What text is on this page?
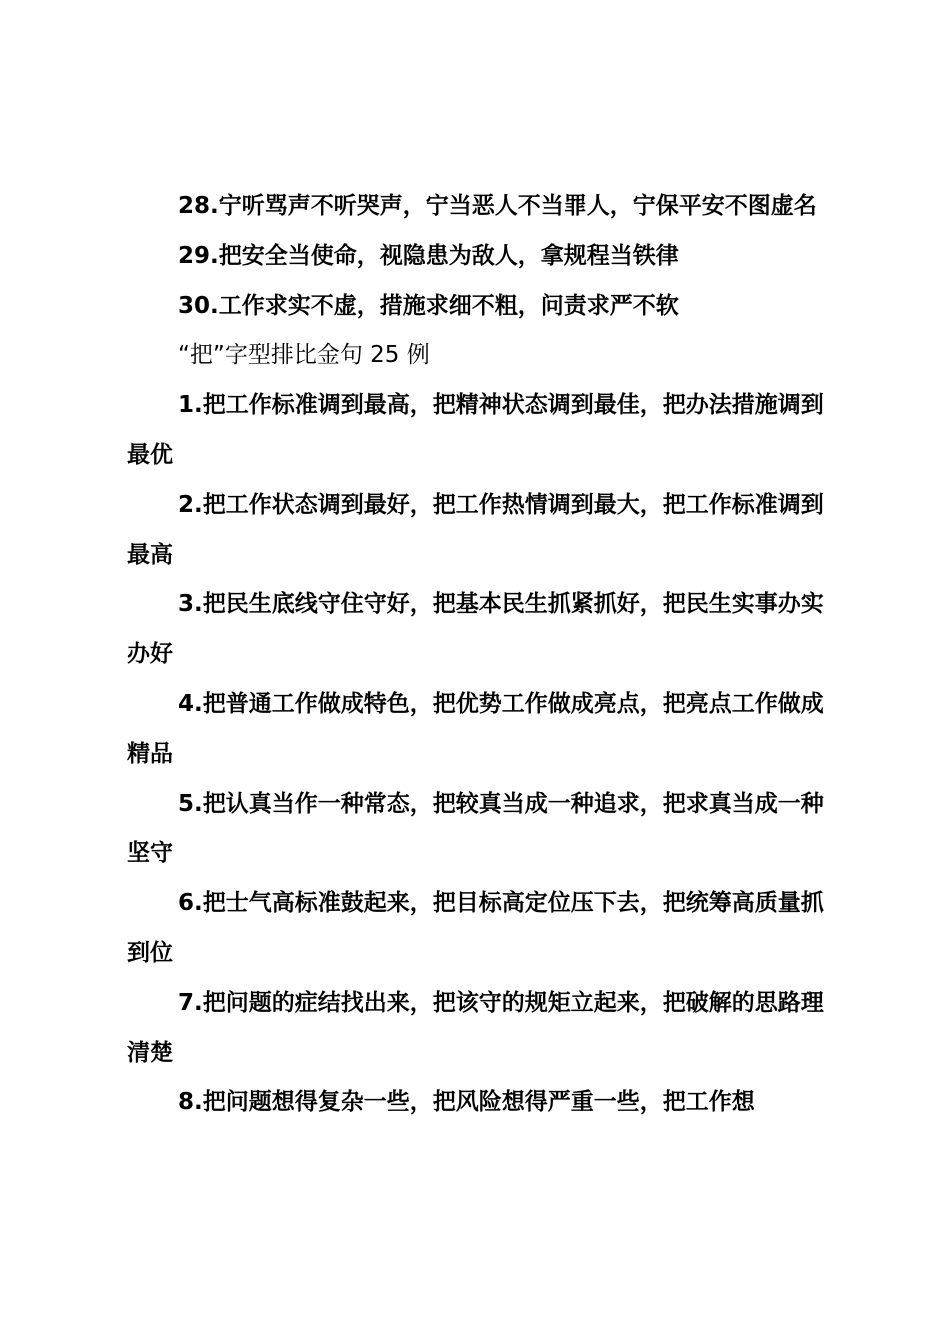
28.宁听骂声不听哭声，宁当恶人不当罪人，宁保平安不图虚名

29.把安全当使命，视隐患为敌人，拿规程当铁律

30.工作求实不虚，措施求细不粗，问责求严不软

“把”字型排比金句 25 例

1.把工作标准调到最高，把精神状态调到最佳，把办法措施调到最优

2.把工作状态调到最好，把工作热情调到最大，把工作标准调到最高

3.把民生底线守住守好，把基本民生抓紧抓好，把民生实事办实办好

4.把普通工作做成特色，把优势工作做成亮点，把亮点工作做成精品

5.把认真当作一种常态，把较真当成一种追求，把求真当成一种坚守

6.把士气高标准鼓起来，把目标高定位压下去，把统筹高质量抓到位

7.把问题的症结找出来，把该守的规矩立起来，把破解的思路理清楚

8.把问题想得复杂一些，把风险想得严重一些，把工作想
